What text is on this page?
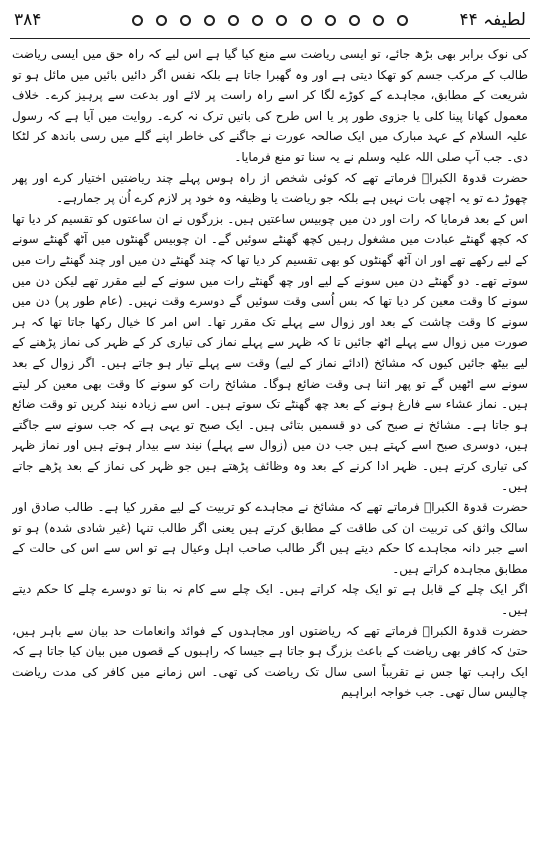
۳۸۴	لطیفہ ۴۴

کی نوک برابر بھی بڑھ جائے، تو ایسی ریاضت سے منع کیا گیا ہے اس لیے کہ راہ حق میں ایسی ریاضت طالب کے مرکب جسم کو تھکا دیتی ہے اور وہ گھبرا جاتا ہے بلکہ نفس اگر دائیں بائیں میں مائل ہو تو شریعت کے مطابق، مجاہدے کے کوڑے لگا کر اسے راہ راست پر لائے اور بدعت سے پرہیز کرے۔ خلاف معمول کھانا پینا کلی یا جزوی طور پر یا اس طرح کی باتیں ترک نہ کرے۔ روایت میں آیا ہے کہ رسول علیہ السلام کے عہد مبارک میں ایک صالحہ عورت نے جاگنے کی خاطر اپنے گلے میں رسی باندھ کر لٹکا دی۔ جب آپ صلی اللہ علیہ وسلم نے یہ سنا تو منع فرمایا۔

حضرت قدوۃ الکبراؒ فرماتے تھے کہ کوئی شخص از راہ ہوس پہلے چند ریاضتیں اختیار کرے اور پھر چھوڑ دے تو یہ اچھی بات نہیں ہے بلکہ جو ریاضت یا وظیفہ وہ خود پر لازم کرے اُن پر جمارہے۔

اس کے بعد فرمایا کہ رات اور دن میں چوبیس ساعتیں ہیں۔ بزرگوں نے ان ساعتوں کو تقسیم کر دیا تھا کہ کچھ گھنٹے عبادت میں مشغول رہیں کچھ گھنٹے سوئیں گے۔ ان چوبیس گھنٹوں میں آٹھ گھنٹے سونے کے لیے رکھے تھے اور ان آٹھ گھنٹوں کو بھی تقسیم کر دیا تھا کہ چند گھنٹے دن میں اور چند گھنٹے رات میں سوتے تھے۔ دو گھنٹے دن میں سونے کے لیے اور چھ گھنٹے رات میں سونے کے لیے مقرر تھے لیکن دن میں سونے کا وقت معین کر دیا تھا کہ بس اُسی وقت سوئیں گے دوسرے وقت نہیں۔ (عام طور پر) دن میں سونے کا وقت چاشت کے بعد اور زوال سے پہلے تک مقرر تھا۔ اس امر کا خیال رکھا جاتا تھا کہ ہر صورت میں زوال سے پہلے اٹھ جائیں تا کہ ظہر سے پہلے نماز کی تیاری کر کے ظہر کی نماز پڑھنے کے لیے بیٹھ جائیں کیوں کہ مشائخ (ادائے نماز کے لیے) وقت سے پہلے تیار ہو جاتے ہیں۔ اگر زوال کے بعد سونے سے اٹھیں گے تو پھر اتنا ہی وقت ضائع ہوگا۔ مشائخ رات کو سونے کا وقت بھی معین کر لیتے ہیں۔ نماز عشاء سے فارغ ہونے کے بعد چھ گھنٹے تک سوتے ہیں۔ اس سے زیادہ نیند کریں تو وقت ضائع ہو جاتا ہے۔ مشائخ نے صبح کی دو قسمیں بتائی ہیں۔ ایک صبح تو یہی ہے کہ جب سونے سے جاگتے ہیں، دوسری صبح اسے کہتے ہیں جب دن میں (زوال سے پہلے) نیند سے بیدار ہوتے ہیں اور نماز ظہر کی تیاری کرتے ہیں۔ ظہر ادا کرنے کے بعد وہ وظائف پڑھتے ہیں جو ظہر کی نماز کے بعد پڑھے جاتے ہیں۔

حضرت قدوۃ الکبراؒ فرماتے تھے کہ مشائخ نے مجاہدے کو تربیت کے لیے مقرر کیا ہے۔ طالب صادق اور سالک واثق کی تربیت ان کی طاقت کے مطابق کرتے ہیں یعنی اگر طالب تنہا (غیر شادی شدہ) ہو تو اسے جبر دانہ مجاہدے کا حکم دیتے ہیں اگر طالب صاحب اہل وعیال ہے تو اس سے اس کی حالت کے مطابق مجاہدہ کراتے ہیں۔

اگر ایک چلے کے قابل ہے تو ایک چلہ کراتے ہیں۔ ایک چلے سے کام نہ بنا تو دوسرے چلے کا حکم دیتے ہیں۔

حضرت قدوۃ الکبراؒ فرماتے تھے کہ ریاضتوں اور مجاہدوں کے فوائد وانعامات حد بیان سے باہر ہیں، حتیٰ کہ کافر بھی ریاضت کے باعث بزرگ ہو جاتا ہے جیسا کہ راہبوں کے قصوں میں بیان کیا جاتا ہے کہ ایک راہب تھا جس نے تقریباً اسی سال تک ریاضت کی تھی۔ اس زمانے میں کافر کی مدت ریاضت چالیس سال تھی۔ جب خواجہ ابراہیم
